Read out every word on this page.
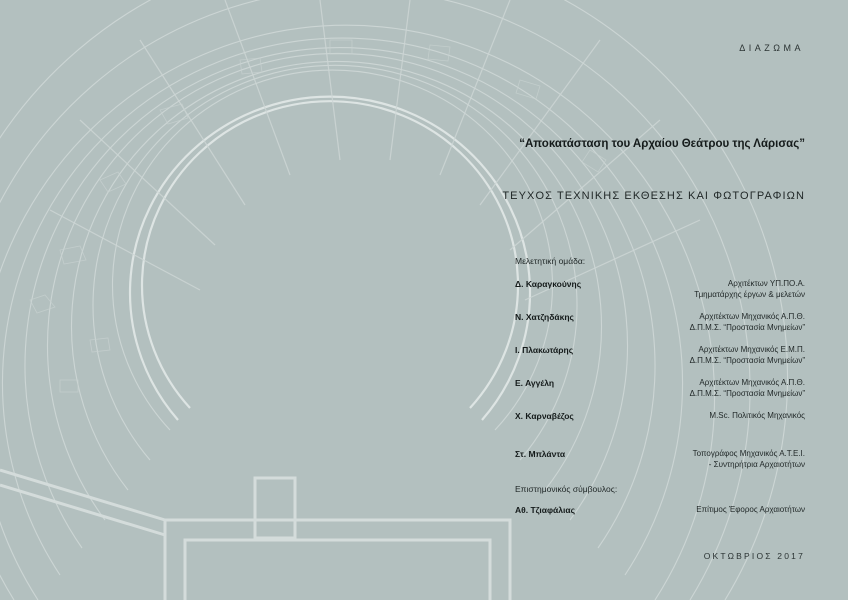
ΔΙΑΖΩΜΑ
“Αποκατάσταση του Αρχαίου Θεάτρου της Λάρισας”
ΤΕΥΧΟΣ ΤΕΧΝΙΚΗΣ ΕΚΘΕΣΗΣ ΚΑΙ ΦΩΤΟΓΡΑΦΙΩΝ
Μελετητική ομάδα:
Δ. Καραγκούνης	Αρχιτέκτων ΥΠ.ΠΟ.Α.
Τμηματάρχης έργων & μελετών
Ν. Χατζηδάκης	Αρχιτέκτων Μηχανικός Α.Π.Θ.
Δ.Π.Μ.Σ. “Προστασία Μνημείων”
Ι. Πλακωτάρης	Αρχιτέκτων Μηχανικός Ε.Μ.Π.
Δ.Π.Μ.Σ. “Προστασία Μνημείων”
Ε. Αγγέλη	Αρχιτέκτων Μηχανικός Α.Π.Θ.
Δ.Π.Μ.Σ. “Προστασία Μνημείων”
Χ. Καρναβέζος	M.Sc. Πολιτικός Μηχανικός
Στ. Μπλάντα	Τοπογράφος Μηχανικός Α.Τ.Ε.Ι.
- Συντηρήτρια Αρχαιοτήτων
Επιστημονικός σύμβουλος:
Αθ. Τζιαφάλιας	Επίτιμος Έφορος Αρχαιοτήτων
ΟΚΤΩΒΡΙΟΣ 2017
